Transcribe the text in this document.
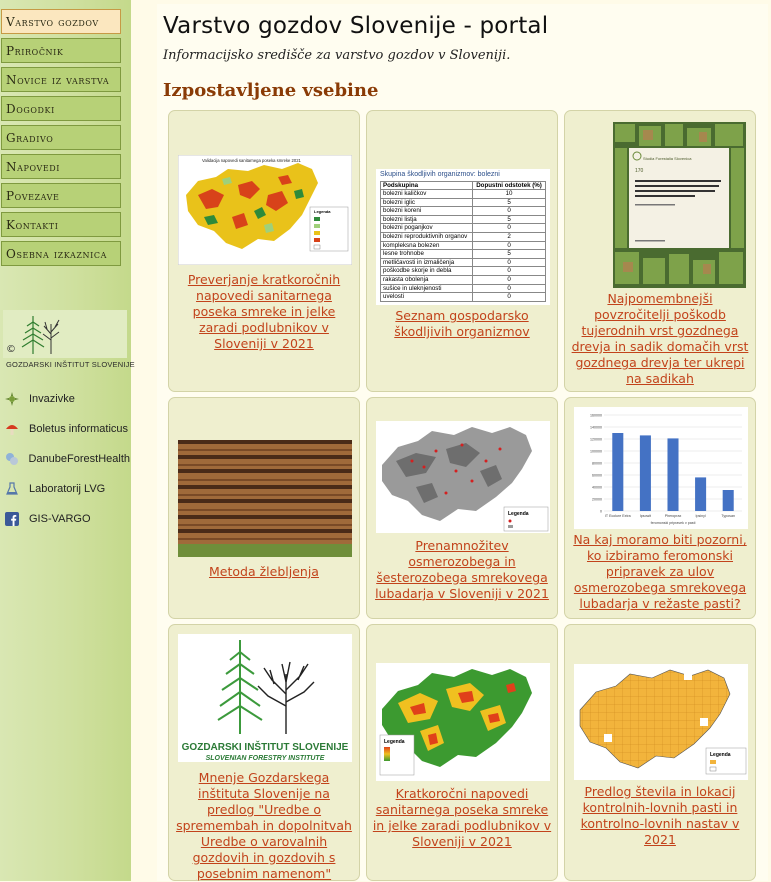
Varstvo gozdov
Priročnik
Novice iz varstva
Dogodki
Gradivo
Napovedi
Povezave
Kontakti
Osebna izkaznica
©
GOZDARSKI INŠTITUT SLOVENIJE
Invazivke
Boletus informaticus
DanubeForestHealth
Laboratorij LVG
GIS-VARGO
Varstvo gozdov Slovenije - portal
Informacijsko središče za varstvo gozdov v Sloveniji.
Izpostavljene vsebine
Validacija napovedi sanitarnega poseka smreke 2021
Legenda
Preverjanje kratkoročnih napovedi sanitarnega poseka smreke in jelke zaradi podlubnikov v Sloveniji v 2021
Skupina škodljivih organizmov: bolezni
Podskupina	Dopustni odstotek (%)
bolezni kaličkov	10
bolezni iglic	5
bolezni koreni	0
bolezni listja	5
bolezni poganjkov	0
bolezni reproduktivnih organov	2
kompleksna bolezen	0
lesne trohnobe	5
metličavosti in izmaličenja	0
poškodbe skorje in debla	0
rakasta obolenja	0
sušice in uleknjenosti	0
uvelosti	0
Seznam gospodarsko škodljivih organizmov
Studia Forestalia Slovenica
170
Najpomembnejši povzročitelji poškodb tujerodnih vrst gozdnega drevja in sadik domačih vrst gozdnega drevja ter ukrepi na sadikah
Metoda žlebljenja
Legenda
Prenamnožitev osmerozobega in šesterozobega smrekovega lubadarja v Sloveniji v 2021
0
20000
40000
60000
80000
100000
120000
140000
160000
IT Ecolure Extra	Ipsowit	Pheroprax	Ipsinyl	Typosan
feromonski pripravek v pasti
Na kaj moramo biti pozorni, ko izbiramo feromonski pripravek za ulov osmerozobega smrekovega lubadarja v režaste pasti?
GOZDARSKI INŠTITUT SLOVENIJE
SLOVENIAN FORESTRY INSTITUTE
Mnenje Gozdarskega inštituta Slovenije na predlog "Uredbe o spremembah in dopolnitvah Uredbe o varovalnih gozdovih in gozdovih s posebnim namenom"
Legenda
Kratkoročni napovedi sanitarnega poseka smreke in jelke zaradi podlubnikov v Sloveniji v 2021
Legenda
Predlog števila in lokacij kontrolnih-lovnih pasti in kontrolno-lovnih nastav v 2021
